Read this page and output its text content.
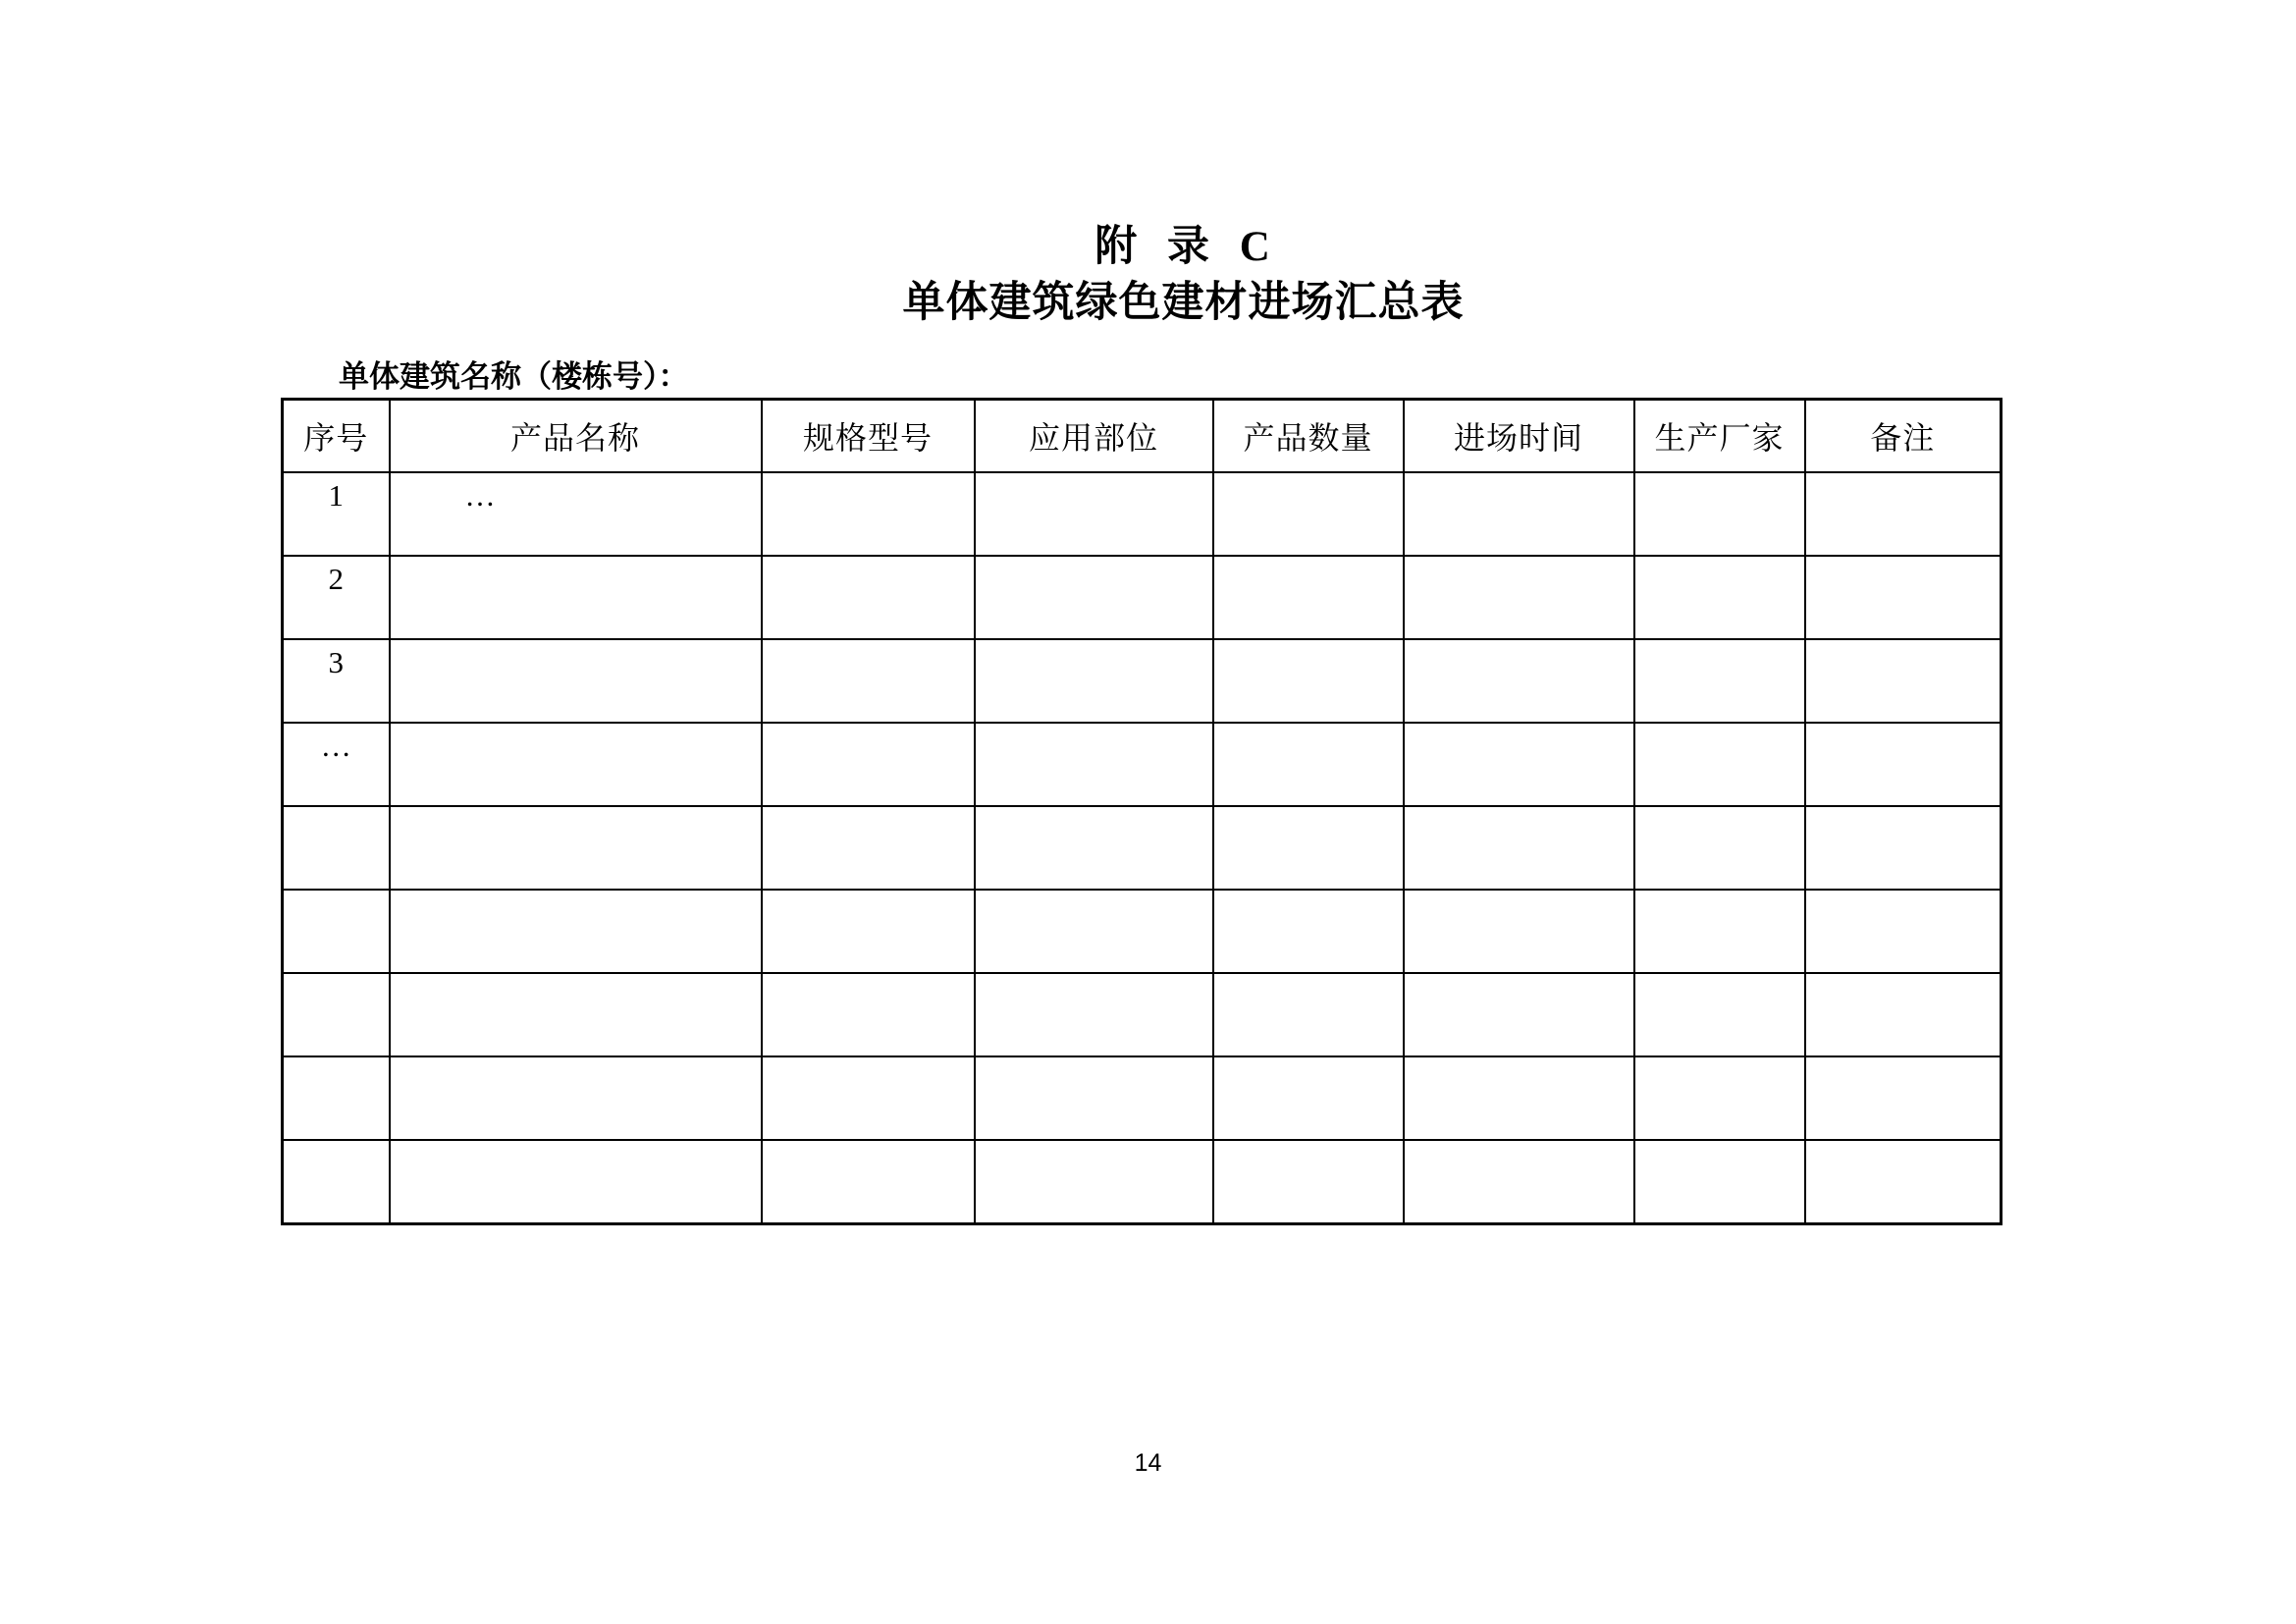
附 录 C
单体建筑绿色建材进场汇总表
单体建筑名称（楼栋号）：
序号	产品名称	规格型号	应用部位	产品数量	进场时间	生产厂家	备注
1	…						
2							
3							
…							

14
